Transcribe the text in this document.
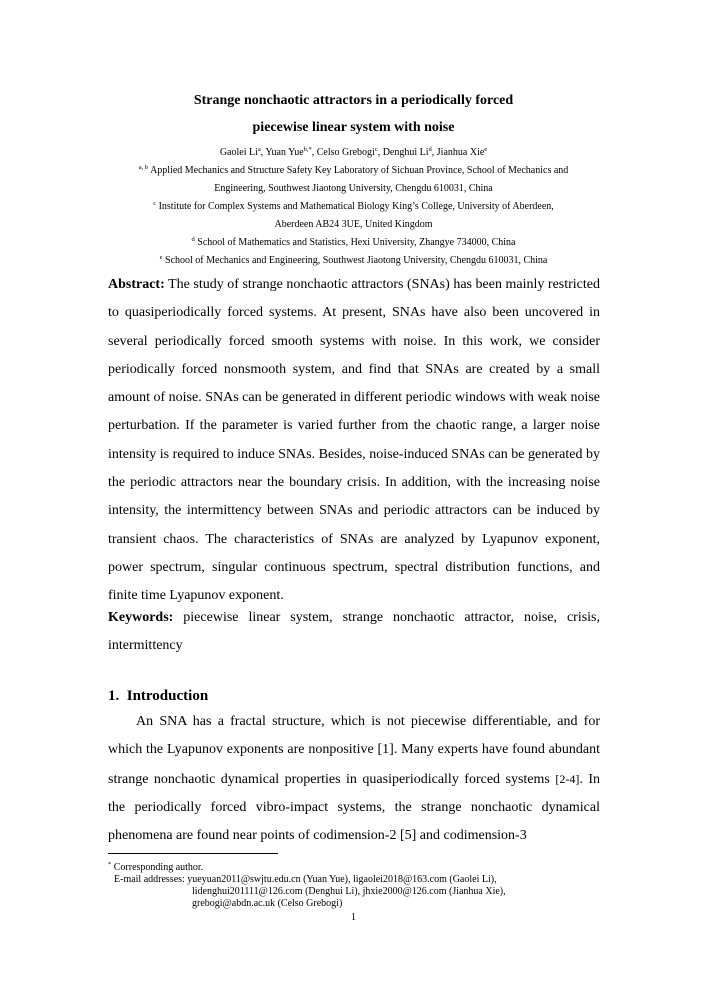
Strange nonchaotic attractors in a periodically forced
piecewise linear system with noise
Gaolei Li$^a$, Yuan Yue$^{b,*}$, Celso Grebogi$^c$, Denghui Li$^d$, Jianhua Xie$^e$
$^{a, b}$ Applied Mechanics and Structure Safety Key Laboratory of Sichuan Province, School of Mechanics and
Engineering, Southwest Jiaotong University, Chengdu 610031, China
$^c$ Institute for Complex Systems and Mathematical Biology King’s College, University of Aberdeen,
Aberdeen AB24 3UE, United Kingdom
$^d$ School of Mathematics and Statistics, Hexi University, Zhangye 734000, China
$^e$ School of Mechanics and Engineering, Southwest Jiaotong University, Chengdu 610031, China

Abstract: The study of strange nonchaotic attractors (SNAs) has been mainly restricted to quasiperiodically forced systems. At present, SNAs have also been uncovered in several periodically forced smooth systems with noise. In this work, we consider periodically forced nonsmooth system, and find that SNAs are created by a small amount of noise. SNAs can be generated in different periodic windows with weak noise perturbation. If the parameter is varied further from the chaotic range, a larger noise intensity is required to induce SNAs. Besides, noise-induced SNAs can be generated by the periodic attractors near the boundary crisis. In addition, with the increasing noise intensity, the intermittency between SNAs and periodic attractors can be induced by transient chaos. The characteristics of SNAs are analyzed by Lyapunov exponent, power spectrum, singular continuous spectrum, spectral distribution functions, and finite time Lyapunov exponent.

Keywords: piecewise linear system, strange nonchaotic attractor, noise, crisis, intermittency

1. Introduction

An SNA has a fractal structure, which is not piecewise differentiable, and for which the Lyapunov exponents are nonpositive [1]. Many experts have found abundant strange nonchaotic dynamical properties in quasiperiodically forced systems [2-4]. In the periodically forced vibro-impact systems, the strange nonchaotic dynamical phenomena are found near points of codimension-2 [5] and codimension-3

* Corresponding author.
E-mail addresses: yueyuan2011@swjtu.edu.cn (Yuan Yue), ligaolei2018@163.com (Gaolei Li),
lidenghui201111@126.com (Denghui Li), jhxie2000@126.com (Jianhua Xie),
grebogi@abdn.ac.uk (Celso Grebogi)
1
